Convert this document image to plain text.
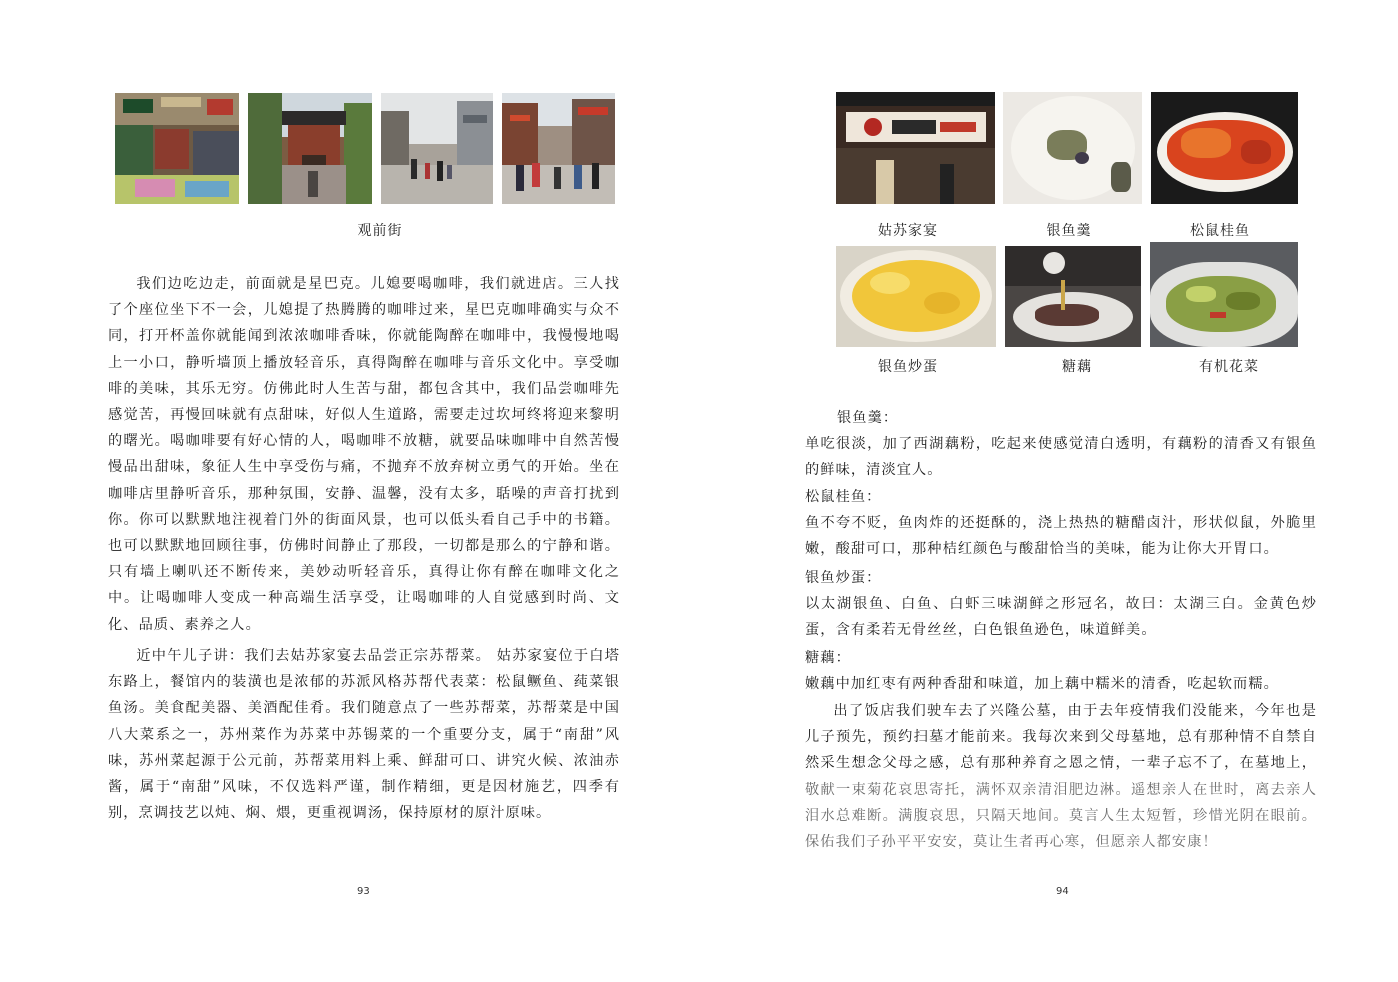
观前街

我们边吃边走，前面就是星巴克。儿媳要喝咖啡，我们就进店。三人找了个座位坐下不一会，儿媳提了热腾腾的咖啡过来，星巴克咖啡确实与众不同，打开杯盖你就能闻到浓浓咖啡香味，你就能陶醉在咖啡中，我慢慢地喝上一小口，静听墙顶上播放轻音乐，真得陶醉在咖啡与音乐文化中。享受咖啡的美味，其乐无穷。仿佛此时人生苦与甜，都包含其中，我们品尝咖啡先感觉苦，再慢回味就有点甜味，好似人生道路，需要走过坎坷终将迎来黎明的曙光。喝咖啡要有好心情的人，喝咖啡不放糖，就要品味咖啡中自然苦慢慢品出甜味，象征人生中享受伤与痛，不抛弃不放弃树立勇气的开始。坐在咖啡店里静听音乐，那种氛围，安静、温馨，没有太多，聒噪的声音打扰到你。你可以默默地注视着门外的街面风景，也可以低头看自己手中的书籍。也可以默默地回顾往事，仿佛时间静止了那段，一切都是那么的宁静和谐。只有墙上喇叭还不断传来，美妙动听轻音乐，真得让你有醉在咖啡文化之中。让喝咖啡人变成一种高端生活享受，让喝咖啡的人自觉感到时尚、文化、品质、素养之人。

近中午儿子讲：我们去姑苏家宴去品尝正宗苏帮菜。 姑苏家宴位于白塔东路上，餐馆内的装潢也是浓郁的苏派风格苏帮代表菜：松鼠鳜鱼、莼菜银鱼汤。美食配美器、美酒配佳肴。我们随意点了一些苏帮菜，苏帮菜是中国八大菜系之一，苏州菜作为苏菜中苏锡菜的一个重要分支，属于“南甜”风味，苏州菜起源于公元前，苏帮菜用料上乘、鲜甜可口、讲究火候、浓油赤酱，属于“南甜”风味，不仅选料严谨，制作精细，更是因材施艺，四季有别，烹调技艺以炖、焖、煨，更重视调汤，保持原材的原汁原味。

93
姑苏家宴	银鱼羹	松鼠桂鱼
银鱼炒蛋	糖藕	有机花菜

银鱼羹：

单吃很淡，加了西湖藕粉，吃起来使感觉清白透明，有藕粉的清香又有银鱼的鲜味，清淡宜人。

松鼠桂鱼：

鱼不夸不贬，鱼肉炸的还挺酥的，浇上热热的糖醋卤汁，形状似鼠，外脆里 嫩，酸甜可口，那种桔红颜色与酸甜恰当的美味，能为让你大开胃口。

银鱼炒蛋：

以太湖银鱼、白鱼、白虾三味湖鲜之形冠名，故曰：太湖三白。金黄色炒蛋，含有柔若无骨丝丝，白色银鱼逊色，味道鲜美。

糖藕：

嫩藕中加红枣有两种香甜和味道，加上藕中糯米的清香，吃起软而糯。

出了饭店我们驶车去了兴隆公墓，由于去年疫情我们没能来，今年也是儿子预先，预约扫墓才能前来。我每次来到父母墓地，总有那种情不自禁自然采生想念父母之感，总有那种养育之恩之情，一辈子忘不了，在墓地上，敬献一束菊花哀思寄托，满怀双亲清泪肥边淋。遥想亲人在世时，离去亲人泪水总难断。满腹哀思，只隔天地间。莫言人生太短暂，珍惜光阴在眼前。保佑我们子孙平平安安，莫让生者再心寒，但愿亲人都安康！

94
